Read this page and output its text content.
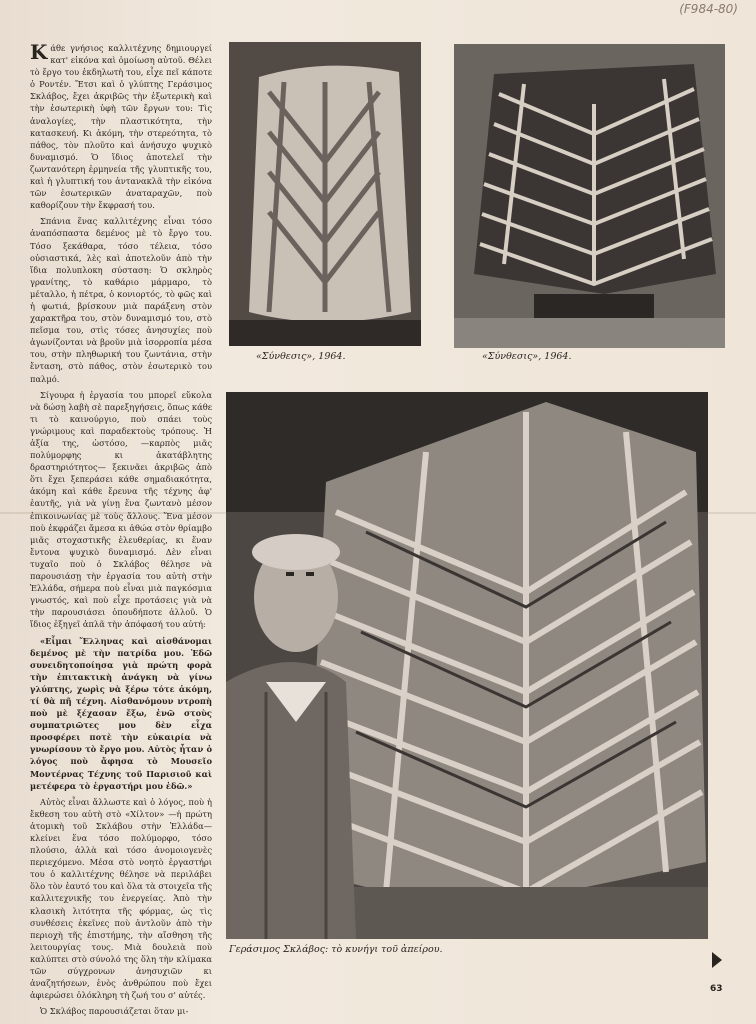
(F984-80)

Κάθε γνήσιος καλλιτέχνης δημιουργεί κατ' εἰκόνα καὶ ὁμοίωση αὐτοῦ. Θέλει τὸ ἔργο του ἐκδηλωτὴ του, εἶχε πεῖ κάποτε ὁ Ροντέν. Ἔτσι καὶ ὁ γλύπτης Γεράσιμος Σκλάβος, ἔχει ἀκριβῶς τὴν ἐξωτερικὴ καὶ τὴν ἐσωτερικὴ ὑφὴ τῶν ἔργων του: Τὶς ἀναλογίες, τὴν πλαστικότητα, τὴν κατασκευή. Κι ἀκόμη, τὴν στερεότητα, τὸ πάθος, τὸν πλοῦτο καὶ ἀνήσυχο ψυχικὸ δυναμισμό. Ὁ ἴδιος ἀποτελεῖ τὴν ζωντανότερη ἑρμηνεία τῆς γλυπτικῆς του, καὶ ἡ γλυπτική του ἀντανακλᾶ τὴν εἰκόνα τῶν ἐσωτερικῶν ἀναταραχῶν, ποὺ καθορίζουν τὴν ἔκφρασή του.

Σπάνια ἕνας καλλιτέχνης εἶναι τόσο ἀναπόσπαστα δεμένος μὲ τὸ ἔργο του. Τόσο ξεκάθαρα, τόσο τέλεια, τόσο οὐσιαστικά, λὲς καὶ ἀποτελοῦν ἀπὸ τὴν ἴδια πολυπλοκη σύσταση: Ὁ σκληρὸς γρανίτης, τὸ καθάριο μάρμαρο, τὸ μέταλλο, ἡ πέτρα, ὁ κονιορτός, τὸ φῶς καὶ ἡ φωτιά, βρίσκουν μιὰ παράξενη στὸν χαρακτῆρα του, στὸν δυναμισμό του, στὸ πεῖσμα του, στὶς τόσες ἀνησυχίες ποὺ ἀγωνίζονται νὰ βροῦν μιὰ ἰσορροπία μέσα του, στὴν πληθωρική του ζωντάνια, στὴν ἔνταση, στὸ πάθος, στὸν ἐσωτερικὸ του παλμό.

Σίγουρα ἡ ἐργασία του μπορεῖ εὔκολα νὰ δώσῃ λαβὴ σὲ παρεξηγήσεις, ὅπως κάθε τι τὸ καινούργιο, ποὺ σπάει τοὺς γνώριμους καὶ παραδεκτοὺς τρόπους. Ἡ ἀξία της, ὡστόσο, —καρπὸς μιᾶς πολύμορφης κι ἀκατάβλητης δραστηριότητος— ξεκινᾶει ἀκριβῶς ἀπὸ ὅτι ἔχει ξεπεράσει κάθε σημαδιακότητα, ἀκόμη καὶ κάθε ἔρευνα τῆς τέχνης ἀφ' ἑαυτῆς, γιὰ νὰ γίνῃ ἕνα ζωντανὸ μέσον ἐπικοινωνίας μὲ τοὺς ἄλλους. Ἕνα μέσον ποὺ ἐκφράζει ἄμεσα κι ἀθώα στὸν θρίαμβο μιᾶς στοχαστικῆς ἐλευθερίας, κι ἕναν ἔντονα ψυχικὸ δυναμισμό. Δὲν εἶναι τυχαῖο ποὺ ὁ Σκλάβος θέλησε νὰ παρουσιάσῃ τὴν ἐργασία του αὐτὴ στὴν Ἑλλάδα, σήμερα ποὺ εἶναι μιὰ παγκόσμια γνωστός, καὶ ποὺ εἶχε προτάσεις γιὰ νὰ τὴν παρουσιάσει ὁπουδήποτε ἀλλοῦ. Ὁ ἴδιος ἐξηγεῖ ἁπλᾶ τὴν ἀπόφασή του αὐτή:

«Εἶμαι Ἕλληνας καὶ αἰσθάνομαι δεμένος μὲ τὴν πατρίδα μου. Ἐδῶ συνειδητοποίησα γιὰ πρώτη φορὰ τὴν ἐπιτακτικὴ ἀνάγκη νὰ γίνω γλύπτης, χωρὶς νὰ ξέρω τότε ἀκόμη, τί θὰ πῆ τέχνη. Αἰσθανόμουν ντροπὴ ποὺ μὲ ξέχασαν ἔξω, ἐνῶ στοὺς συμπατριῶτες μου δὲν εἶχα προσφέρει ποτὲ τὴν εὐκαιρία νὰ γνωρίσουν τὸ ἔργο μου. Αὐτὸς ἦταν ὁ λόγος ποὺ ἄφησα τὸ Μουσεῖο Μοντέρνας Τέχνης τοῦ Παρισιοῦ καὶ μετέφερα τὸ ἐργαστήρι μου ἐδῶ.»

Αὐτὸς εἶναι ἄλλωστε καὶ ὁ λόγος, ποὺ ἡ ἔκθεση του αὐτὴ στὸ «Χίλτον» —ἡ πρώτη ἀτομικὴ τοῦ Σκλάβου στὴν Ἑλλάδα— κλείνει ἕνα τόσο πολύμορφο, τόσο πλούσιο, ἀλλὰ καὶ τόσο ἀνομοιογενὲς περιεχόμενο. Μέσα στὸ νοητὸ ἐργαστήρι του ὁ καλλιτέχνης θέλησε νὰ περιλάβει ὅλο τὸν ἑαυτό του καὶ ὅλα τὰ στοιχεῖα τῆς καλλιτεχνικῆς του ἐνεργείας. Ἀπὸ τὴν κλασικὴ λιτότητα τῆς φόρμας, ὡς τὶς συνθέσεις ἐκεῖνες ποὺ ἀντλοῦν ἀπὸ τὴν περιοχὴ τῆς ἐπιστήμης, τὴν αἴσθηση τῆς λειτουργίας τους. Μιὰ δουλειὰ ποὺ καλύπτει στὸ σύνολό της ὅλη τὴν κλίμακα τῶν σύγχρονων ἀνησυχιῶν κι ἀναζητήσεων, ἑνὸς ἀνθρώπου ποὺ ἔχει ἀφιερώσει ὁλόκληρη τὴ ζωή του σ' αὐτές.

Ὁ Σκλάβος παρουσιάζεται ὅταν μι-

«Σύνθεσις», 1964.	«Σύνθεσις», 1964.
Γεράσιμος Σκλάβος: τὸ κυνήγι τοῦ ἀπείρου.
63
